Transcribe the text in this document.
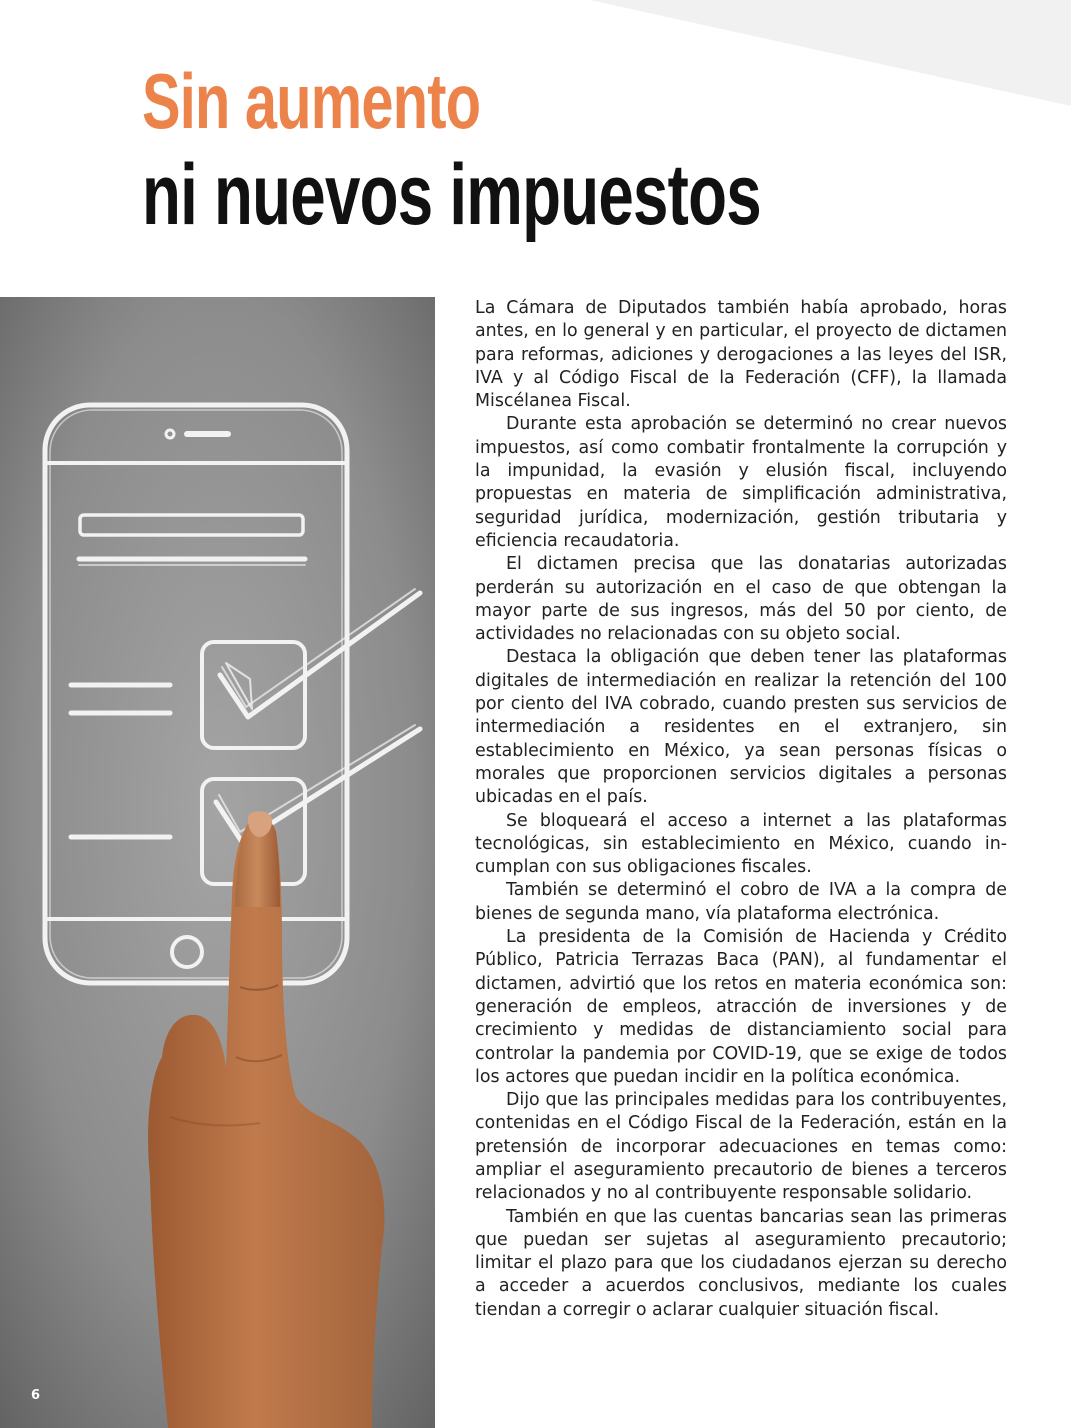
Sin aumento
ni nuevos impuestos

La Cámara de Diputados también había aprobado, horas antes, en lo general y en particular, el proyecto de dictamen para reformas, adiciones y derogaciones a las leyes del ISR, IVA y al Código Fiscal de la Federación (CFF), la llamada Miscélanea Fiscal.

Durante esta aprobación se determinó no crear nuevos impuestos, así como combatir frontalmente la corrupción y la impunidad, la evasión y elusión fiscal, incluyendo propuestas en materia de simplificación administrativa, seguridad jurídica, modernización, gestión tributaria y eficiencia recaudatoria.

El dictamen precisa que las donatarias autorizadas perderán su autorización en el caso de que obtengan la mayor parte de sus ingresos, más del 50 por ciento, de actividades no relacionadas con su objeto social.

Destaca la obligación que deben tener las plataformas digitales de intermediación en realizar la retención del 100 por ciento del IVA cobrado, cuando presten sus servicios de intermediación a residentes en el extranjero, sin establecimiento en México, ya sean personas físicas o morales que proporcionen servicios digitales a personas ubicadas en el país.

Se bloqueará el acceso a internet a las plataformas tecnológicas, sin establecimiento en México, cuando incumplan con sus obligaciones fiscales.

También se determinó el cobro de IVA a la compra de bienes de segunda mano, vía plataforma electrónica.

La presidenta de la Comisión de Hacienda y Crédito Público, Patricia Terrazas Baca (PAN), al fundamentar el dictamen, advirtió que los retos en materia económica son: generación de empleos, atracción de inversiones y de crecimiento y medidas de distanciamiento social para controlar la pandemia por COVID-19, que se exige de todos los actores que puedan incidir en la política económica.

Dijo que las principales medidas para los contribuyentes, contenidas en el Código Fiscal de la Federación, están en la pretensión de incorporar adecuaciones en temas como: ampliar el aseguramiento precautorio de bienes a terceros relacionados y no al contribuyente responsable solidario.

También en que las cuentas bancarias sean las primeras que puedan ser sujetas al aseguramiento precautorio; limitar el plazo para que los ciudadanos ejerzan su derecho a acceder a acuerdos conclusivos, mediante los cuales tiendan a corregir o aclarar cualquier situación fiscal.

6
